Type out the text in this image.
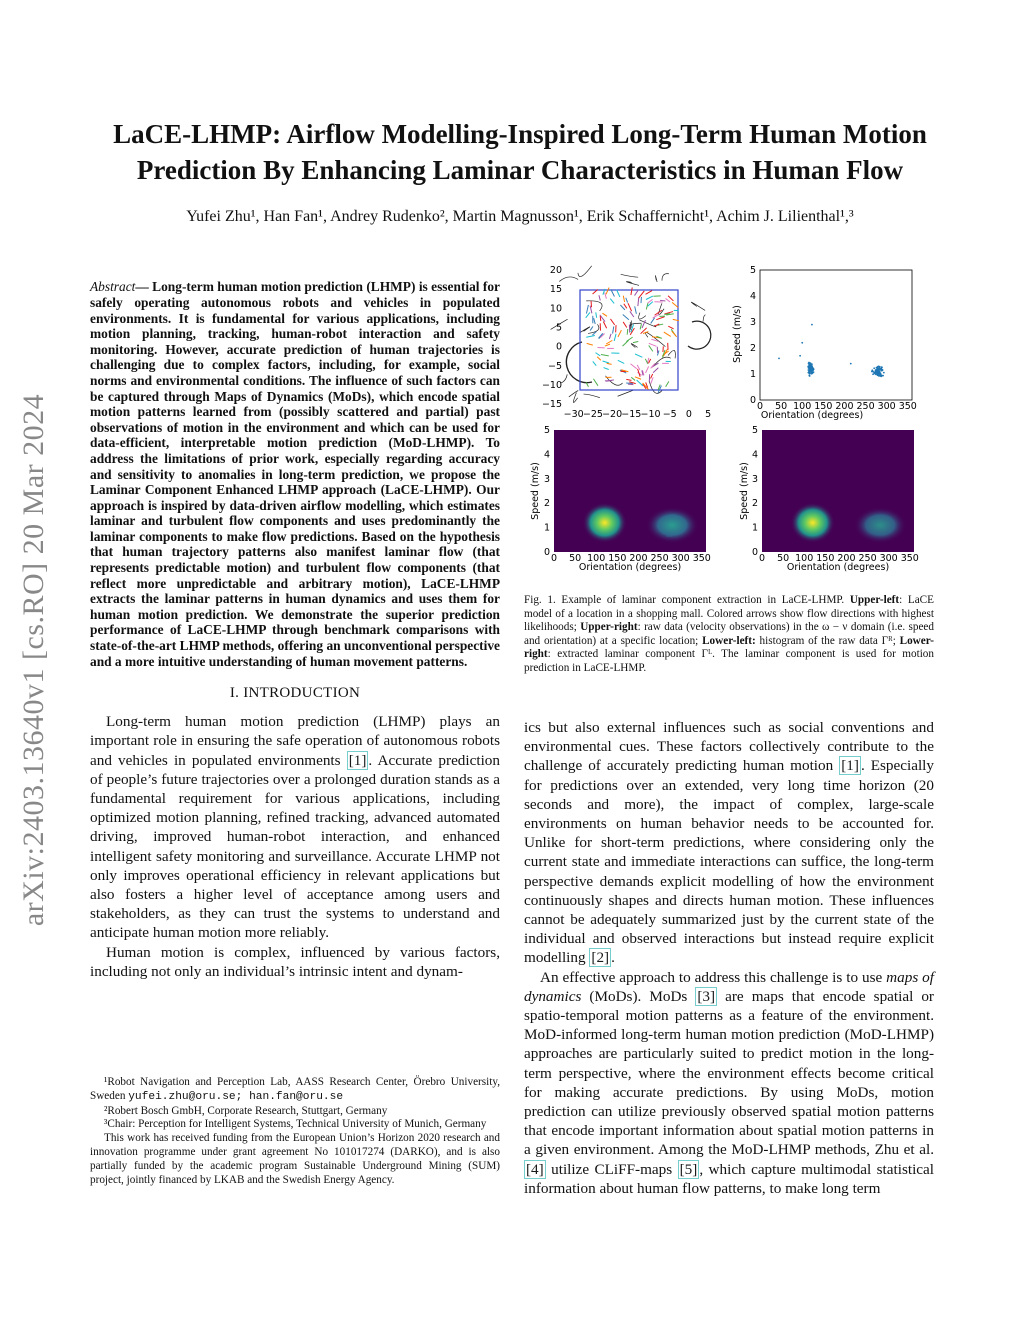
arXiv:2403.13640v1 [cs.RO] 20 Mar 2024
LaCE-LHMP: Airflow Modelling-Inspired Long-Term Human Motion
Prediction By Enhancing Laminar Characteristics in Human Flow
Yufei Zhu¹, Han Fan¹, Andrey Rudenko², Martin Magnusson¹, Erik Schaffernicht¹, Achim J. Lilienthal¹,³

Abstract— Long-term human motion prediction (LHMP) is essential for safely operating autonomous robots and vehicles in populated environments. It is fundamental for various applications, including motion planning, tracking, human-robot interaction and safety monitoring. However, accurate prediction of human trajectories is challenging due to complex factors, including, for example, social norms and environmental conditions. The influence of such factors can be captured through Maps of Dynamics (MoDs), which encode spatial motion patterns learned from (possibly scattered and partial) past observations of motion in the environment and which can be used for data-efficient, interpretable motion prediction (MoD-LHMP). To address the limitations of prior work, especially regarding accuracy and sensitivity to anomalies in long-term prediction, we propose the Laminar Component Enhanced LHMP approach (LaCE-LHMP). Our approach is inspired by data-driven airflow modelling, which estimates laminar and turbulent flow components and uses predominantly the laminar components to make flow predictions. Based on the hypothesis that human trajectory patterns also manifest laminar flow (that represents predictable motion) and turbulent flow components (that reflect more unpredictable and arbitrary motion), LaCE-LHMP extracts the laminar patterns in human dynamics and uses them for human motion prediction. We demonstrate the superior prediction performance of LaCE-LHMP through benchmark comparisons with state-of-the-art LHMP methods, offering an unconventional perspective and a more intuitive understanding of human movement patterns.

I. INTRODUCTION

Long-term human motion prediction (LHMP) plays an important role in ensuring the safe operation of autonomous robots and vehicles in populated environments [1] . Accurate prediction of people’s future trajectories over a prolonged duration stands as a fundamental requirement for various applications, including optimized motion planning, refined tracking, advanced automated driving, improved human-robot interaction, and enhanced intelligent safety monitoring and surveillance. Accurate LHMP not only improves operational efficiency in relevant applications but also fosters a higher level of acceptance among users and stakeholders, as they can trust the systems to understand and anticipate human motion more reliably.

Human motion is complex, influenced by various factors, including not only an individual’s intrinsic intent and dynam-

¹Robot Navigation and Perception Lab, AASS Research Center, Örebro University, Sweden yufei.zhu@oru.se; han.fan@oru.se

²Robert Bosch GmbH, Corporate Research, Stuttgart, Germany

³Chair: Perception for Intelligent Systems, Technical University of Munich, Germany

This work has received funding from the European Union’s Horizon 2020 research and innovation programme under grant agreement No 101017274 (DARKO), and is also partially funded by the academic program Sustainable Underground Mining (SUM) project, jointly financed by LKAB and the Swedish Energy Agency.

−30 −25 −20 −15 −10 −5 0 5
20
15
10
5
0
−5
−10
−15	0 50 100 150 200 250 300 350
0
1
2
3
4
5
Orientation (degrees)
Speed (m/s)
0 50 100 150 200 250 300 350
0
1
2
3
4
5
Orientation (degrees)
Speed (m/s)
0 50 100 150 200 250 300 350
0
1
2
3
4
5
Orientation (degrees)
Speed (m/s)
Fig. 1. Example of laminar component extraction in LaCE-LHMP. Upper-left: LaCE model of a location in a shopping mall. Colored arrows show flow directions with highest likelihoods; Upper-right: raw data (velocity observations) in the ω − ν domain (i.e. speed and orientation) at a specific location; Lower-left: histogram of the raw data Γᴿ; Lower-right: extracted laminar component Γᴸ. The laminar component is used for motion prediction in LaCE-LHMP.

ics but also external influences such as social conventions and environmental cues. These factors collectively contribute to the challenge of accurately predicting human motion [1] . Especially for predictions over an extended, very long time horizon (20 seconds and more), the impact of complex, large-scale environments on human behavior needs to be accounted for. Unlike for short-term predictions, where considering only the current state and immediate interactions can suffice, the long-term perspective demands explicit modelling of how the environment continuously shapes and directs human motion. These influences cannot be adequately summarized just by the current state of the individual and observed interactions but instead require explicit modelling [2] .

An effective approach to address this challenge is to use maps of dynamics (MoDs). MoDs [3] are maps that encode spatial or spatio-temporal motion patterns as a feature of the environment. MoD-informed long-term human motion prediction (MoD-LHMP) approaches are particularly suited to predict motion in the long-term perspective, where the environment effects become critical for making accurate predictions. By using MoDs, motion prediction can utilize previously observed spatial motion patterns that encode important information about spatial motion patterns in a given environment. Among the MoD-LHMP methods, Zhu et al. [4] utilize CLiFF-maps [5] , which capture multimodal statistical information about human flow patterns, to make long term
